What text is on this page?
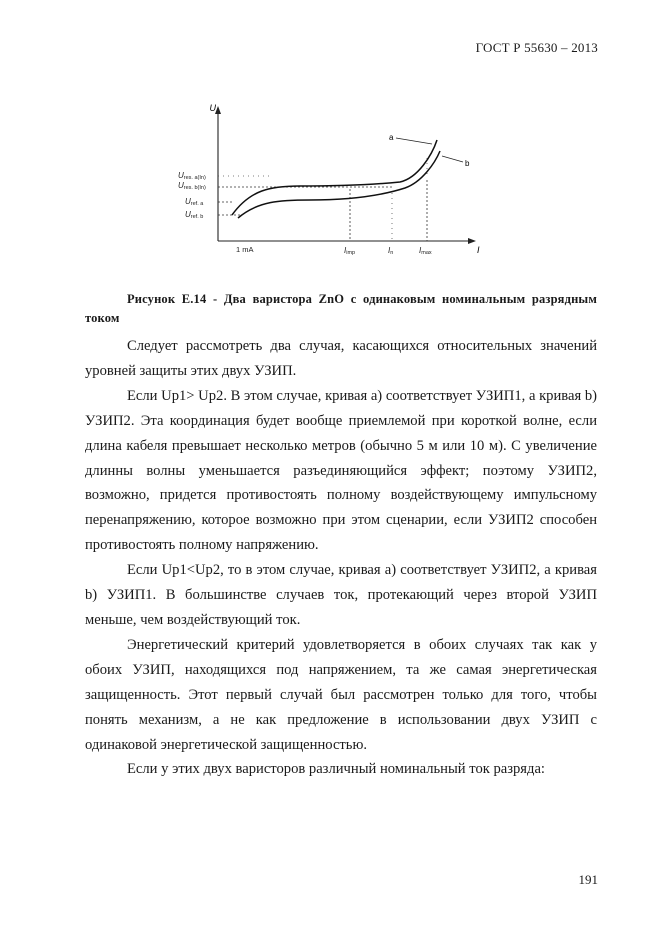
ГОСТ Р 55630 – 2013
U
I
a
b
Ures. a(In)
Ures. b(In)
Uref. a
Uref. b
1 mA	Iimp	In	Imax
Рисунок Е.14 - Два варистора ZnO с одинаковым номинальным разрядным током

Следует рассмотреть два случая, касающихся относительных значений уровней защиты этих двух УЗИП.

Если Up1> Up2. В этом случае, кривая а) соответствует УЗИП1, а кривая b) УЗИП2. Эта координация будет вообще приемлемой при короткой волне, если длина кабеля превышает несколько метров (обычно 5 м или 10 м). С увеличение длинны волны уменьшается разъединяющийся эффект; поэтому УЗИП2, возможно, придется противостоять полному воздействующему импульсному перенапряжению, которое возможно при этом сценарии, если УЗИП2 способен противостоять полному напряжению.

Если Up1<Up2, то в этом случае, кривая а) соответствует УЗИП2, а кривая b) УЗИП1. В большинстве случаев ток, протекающий через второй УЗИП меньше, чем воздействующий ток.

Энергетический критерий удовлетворяется в обоих случаях так как у обоих УЗИП, находящихся под напряжением, та же самая энергетическая защищенность. Этот первый случай был рассмотрен только для того, чтобы понять механизм, а не как предложение в использовании двух УЗИП с одинаковой энергетической защищенностью.

Если у этих двух варисторов различный номинальный ток разряда:

191
